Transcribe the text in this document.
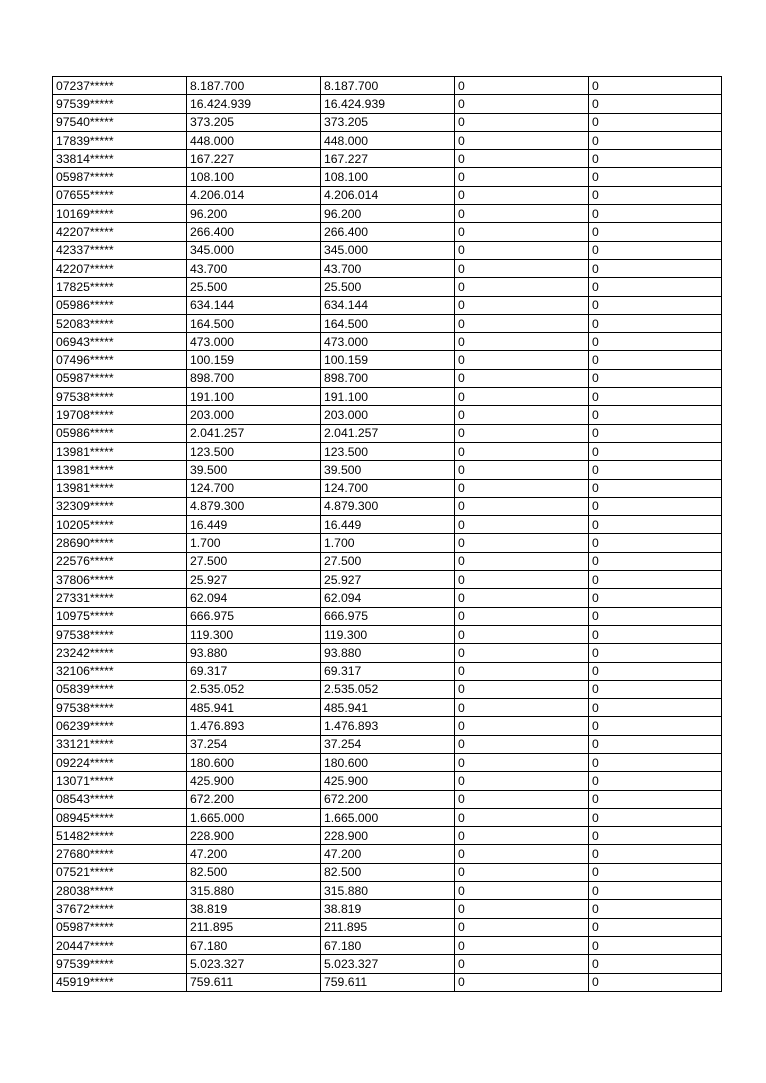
07237*****	8.187.700	8.187.700	0	0
97539*****	16.424.939	16.424.939	0	0
97540*****	373.205	373.205	0	0
17839*****	448.000	448.000	0	0
33814*****	167.227	167.227	0	0
05987*****	108.100	108.100	0	0
07655*****	4.206.014	4.206.014	0	0
10169*****	96.200	96.200	0	0
42207*****	266.400	266.400	0	0
42337*****	345.000	345.000	0	0
42207*****	43.700	43.700	0	0
17825*****	25.500	25.500	0	0
05986*****	634.144	634.144	0	0
52083*****	164.500	164.500	0	0
06943*****	473.000	473.000	0	0
07496*****	100.159	100.159	0	0
05987*****	898.700	898.700	0	0
97538*****	191.100	191.100	0	0
19708*****	203.000	203.000	0	0
05986*****	2.041.257	2.041.257	0	0
13981*****	123.500	123.500	0	0
13981*****	39.500	39.500	0	0
13981*****	124.700	124.700	0	0
32309*****	4.879.300	4.879.300	0	0
10205*****	16.449	16.449	0	0
28690*****	1.700	1.700	0	0
22576*****	27.500	27.500	0	0
37806*****	25.927	25.927	0	0
27331*****	62.094	62.094	0	0
10975*****	666.975	666.975	0	0
97538*****	119.300	119.300	0	0
23242*****	93.880	93.880	0	0
32106*****	69.317	69.317	0	0
05839*****	2.535.052	2.535.052	0	0
97538*****	485.941	485.941	0	0
06239*****	1.476.893	1.476.893	0	0
33121*****	37.254	37.254	0	0
09224*****	180.600	180.600	0	0
13071*****	425.900	425.900	0	0
08543*****	672.200	672.200	0	0
08945*****	1.665.000	1.665.000	0	0
51482*****	228.900	228.900	0	0
27680*****	47.200	47.200	0	0
07521*****	82.500	82.500	0	0
28038*****	315.880	315.880	0	0
37672*****	38.819	38.819	0	0
05987*****	211.895	211.895	0	0
20447*****	67.180	67.180	0	0
97539*****	5.023.327	5.023.327	0	0
45919*****	759.611	759.611	0	0
